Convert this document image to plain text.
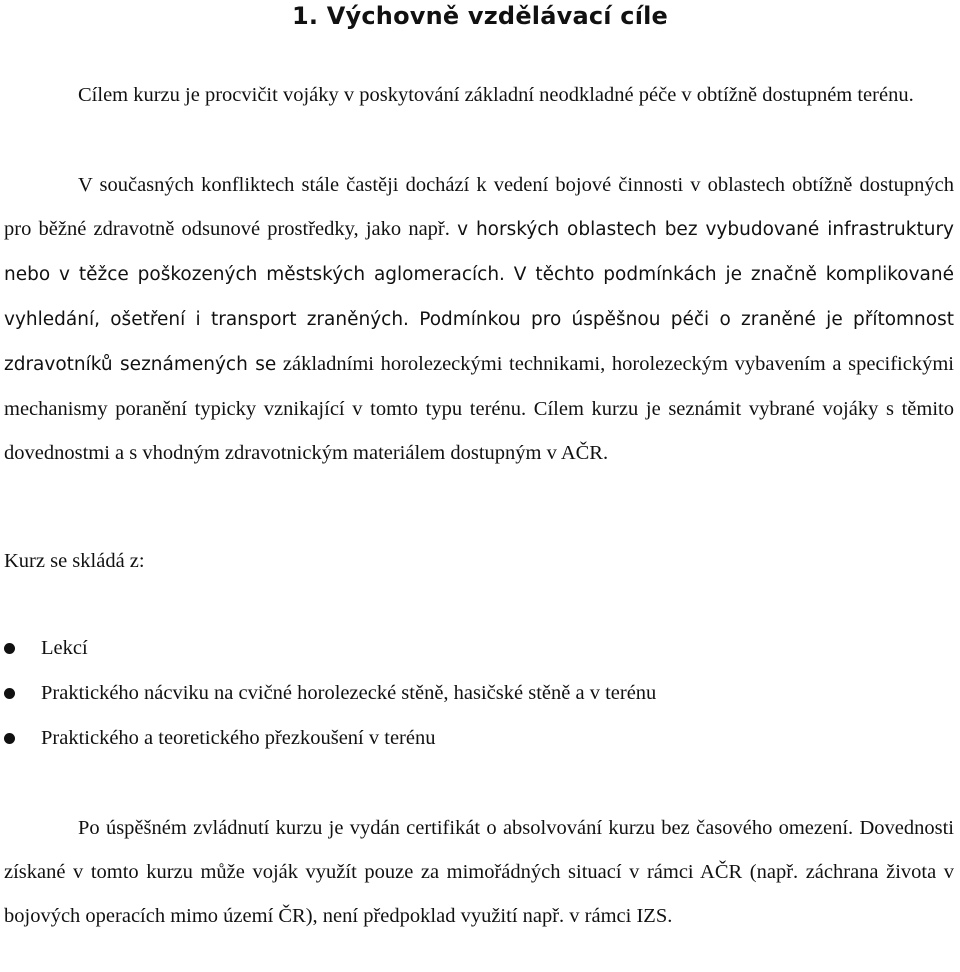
1. Výchovně vzdělávací cíle

Cílem kurzu je procvičit vojáky v poskytování základní neodkladné péče v obtížně dostupném terénu.

V současných konfliktech stále častěji dochází k vedení bojové činnosti v oblastech obtížně dostupných pro běžné zdravotně odsunové prostředky, jako např. v horských oblastech bez vybudované infrastruktury nebo v těžce poškozených městských aglomeracích. V těchto podmínkách je značně komplikované vyhledání, ošetření i transport zraněných. Podmínkou pro úspěšnou péči o zraněné je přítomnost zdravotníků seznámených se základními horolezeckými technikami, horolezeckým vybavením a specifickými mechanismy poranění typicky vznikající v tomto typu terénu. Cílem kurzu je seznámit vybrané vojáky s těmito dovednostmi a s vhodným zdravotnickým materiálem dostupným v AČR.

Kurz se skládá z:

Lekcí
Praktického nácviku na cvičné horolezecké stěně, hasičské stěně a v terénu
Praktického a teoretického přezkoušení v terénu

Po úspěšném zvládnutí kurzu je vydán certifikát o absolvování kurzu bez časového omezení. Dovednosti získané v tomto kurzu může voják využít pouze za mimořádných situací v rámci AČR (např. záchrana života v bojových operacích mimo území ČR), není předpoklad využití např. v rámci IZS.
